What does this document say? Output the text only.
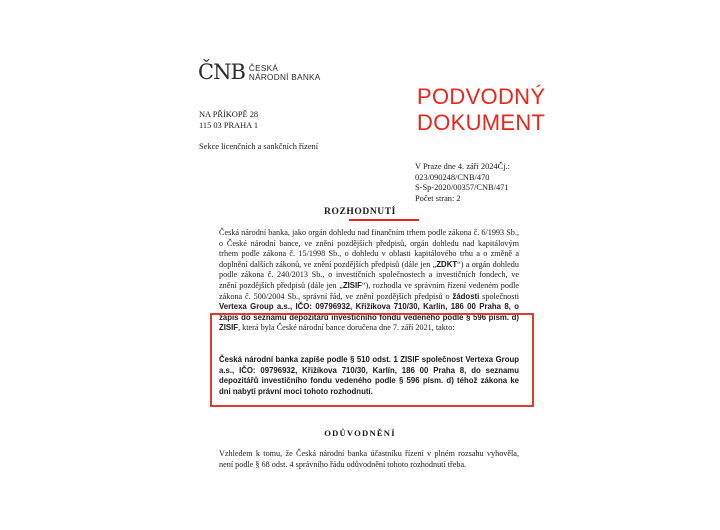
ČNB ČESKÁ
NÁRODNÍ BANKA
NA PŘÍKOPĚ 28
115 03 PRAHA 1
Sekce licenčních a sankčních řízení
PODVODNÝ
DOKUMENT
V Praze dne 4. září 2024Čj.:
023/090248/CNB/470
S-Sp-2020/00357/CNB/471
Počet stran: 2
ROZHODNUTÍ
Česká národní banka, jako orgán dohledu nad finančním trhem podle zákona č. 6/1993 Sb., o České národní bance, ve znění pozdějších předpisů, orgán dohledu nad kapitálovým trhem podle zákona č. 15/1998 Sb., o dohledu v oblasti kapitálového trhu a o změně a doplnění dalších zákonů, ve znění pozdějších předpisů (dále jen „ZDKT“) a orgán dohledu podle zákona č. 240/2013 Sb., o investičních společnostech a investičních fondech, ve znění pozdějších předpisů (dále jen „ZISIF“), rozhodla ve správním řízení vedeném podle zákona č. 500/2004 Sb., správní řád, ve znění pozdějších předpisů o žádosti společnosti Vertexa Group a.s., IČO: 09796932, Křižíkova 710/30, Karlín, 186 00 Praha 8, o zápis do seznamu depozitářů investičního fondu vedeného podle § 596 písm. d) ZISIF, která byla České národní bance doručena dne 7. září 2021, takto:
Česká národní banka zapíše podle § 510 odst. 1 ZISIF společnost Vertexa Group a.s., IČO: 09796932, Křižíkova 710/30, Karlín, 186 00 Praha 8, do seznamu depozitářů investičního fondu vedeného podle § 596 písm. d) téhož zákona ke dni nabytí právní moci tohoto rozhodnutí.
ODŮVODNĚNÍ
Vzhledem k tomu, že Česká národní banka účastníku řízení v plném rozsahu vyhověla, není podle § 68 odst. 4 správního řádu odůvodnění tohoto rozhodnutí třeba.
